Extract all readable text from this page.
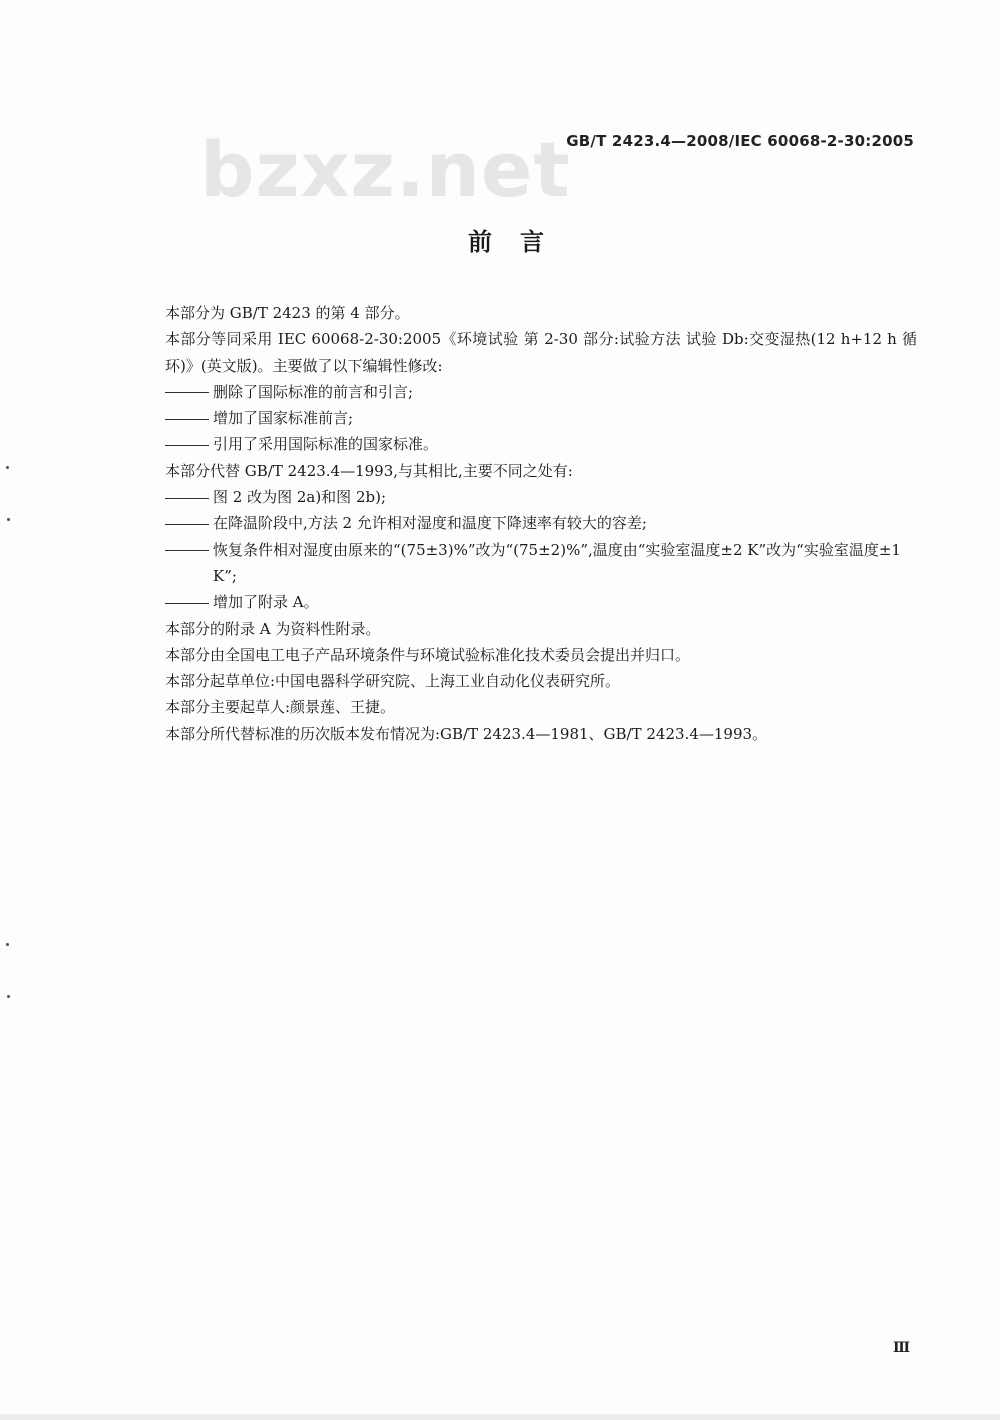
bzxz.net
GB/T 2423.4—2008/IEC 60068-2-30:2005
前言

本部分为 GB/T 2423 的第 4 部分。

本部分等同采用 IEC 60068-2-30:2005《环境试验 第 2-30 部分:试验方法 试验 Db:交变湿热(12 h+12 h 循环)》(英文版)。主要做了以下编辑性修改:

删除了国际标准的前言和引言;

增加了国家标准前言;

引用了采用国际标准的国家标准。

本部分代替 GB/T 2423.4—1993,与其相比,主要不同之处有:

图 2 改为图 2a)和图 2b);

在降温阶段中,方法 2 允许相对湿度和温度下降速率有较大的容差;

恢复条件相对湿度由原来的“(75±3)%”改为“(75±2)%”,温度由“实验室温度±2 K”改为“实验室温度±1 K”;

增加了附录 A。

本部分的附录 A 为资料性附录。

本部分由全国电工电子产品环境条件与环境试验标准化技术委员会提出并归口。

本部分起草单位:中国电器科学研究院、上海工业自动化仪表研究所。

本部分主要起草人:颜景莲、王捷。

本部分所代替标准的历次版本发布情况为:GB/T 2423.4—1981、GB/T 2423.4—1993。

Ⅲ
